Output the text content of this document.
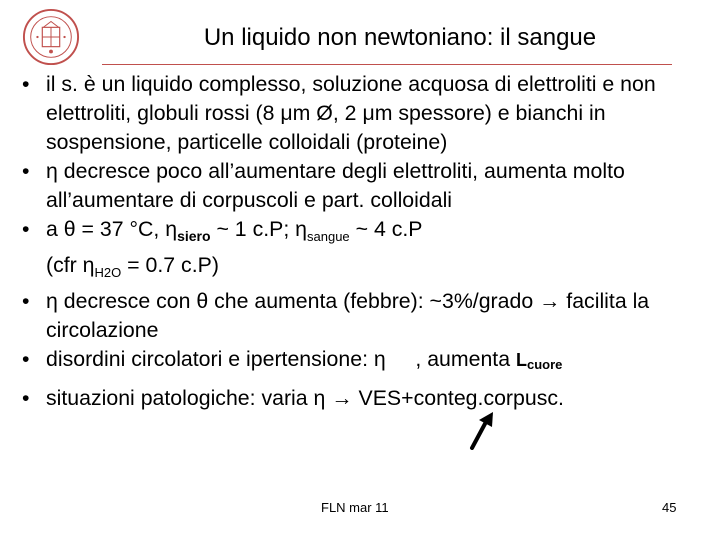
Un liquido non newtoniano: il sangue
• il s. è un liquido complesso, soluzione acquosa di elettroliti e non elettroliti, globuli rossi (8 μm Ø, 2 μm spessore) e bianchi in sospensione, particelle colloidali (proteine)
• η decresce poco all’aumentare degli elettroliti, aumenta molto all’aumentare di corpuscoli e part. colloidali
• a θ = 37 °C, $\eta_{siero}$ ~ 1 c.P; $\eta_{sangue}$ ~ 4 c.P
(cfr $\eta_{H2O} = 0.7$ c.P)
• η decresce con θ che aumenta (febbre): ~3%/grado → facilita la circolazione
• disordini circolatori e ipertensione: η     , aumenta Lcuore
• situazioni patologiche: varia η → VES+conteg.corpusc.
FLN mar 11	45
